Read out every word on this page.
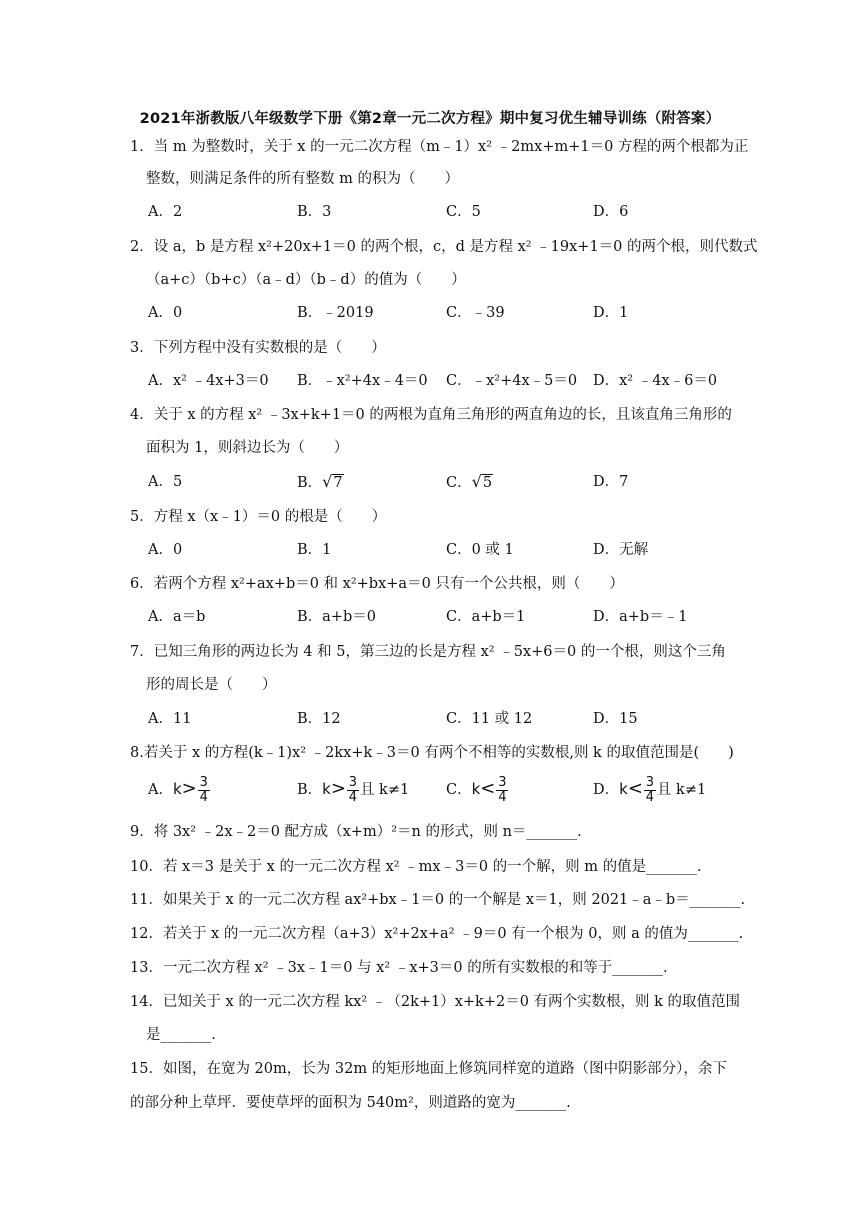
2021年浙教版八年级数学下册《第2章一元二次方程》期中复习优生辅导训练（附答案）
1．当 m 为整数时，关于 x 的一元二次方程（m﹣1）x² ﹣2mx+m+1＝0 方程的两个根都为正
整数，则满足条件的所有整数 m 的积为（　　）
A．2	B．3	C．5	D．6
2．设 a，b 是方程 x²+20x+1＝0 的两个根，c，d 是方程 x² ﹣19x+1＝0 的两个根，则代数式
（a+c）（b+c）（a﹣d）（b﹣d）的值为（　　）
A．0	B．﹣2019	C．﹣39	D．1
3．下列方程中没有实数根的是（　　）
A．x² ﹣4x+3＝0 B．﹣x²+4x﹣4＝0 C．﹣x²+4x﹣5＝0 D．x² ﹣4x﹣6＝0
4．关于 x 的方程 x² ﹣3x+k+1＝0 的两根为直角三角形的两直角边的长，且该直角三角形的
面积为 1，则斜边长为（　　）
A．5	B．√7	C．√5	D．7
5．方程 x（x﹣1）＝0 的根是（　　）
A．0	B．1	C．0 或 1	D．无解
6．若两个方程 x²+ax+b＝0 和 x²+bx+a＝0 只有一个公共根，则（　　）
A．a＝b	B．a+b＝0	C．a+b＝1	D．a+b＝﹣1
7．已知三角形的两边长为 4 和 5，第三边的长是方程 x² ﹣5x+6＝0 的一个根，则这个三角
形的周长是（　　）
A．11	B．12	C．11 或 12	D．15
8.若关于 x 的方程(k﹣1)x² ﹣2kx+k﹣3＝0 有两个不相等的实数根,则 k 的取值范围是(　　)
A．$k> \frac{3}{4}$	B．$k> \frac{3}{4}$ 且 k≠1	C．$k< \frac{3}{4}$	D．$k< \frac{3}{4}$ 且 k≠1
9．将 3x² ﹣2x﹣2＝0 配方成（x+m）²＝n 的形式，则 n＝_______.
10．若 x＝3 是关于 x 的一元二次方程 x² ﹣mx﹣3＝0 的一个解，则 m 的值是_______.
11．如果关于 x 的一元二次方程 ax²+bx﹣1＝0 的一个解是 x＝1，则 2021﹣a﹣b＝_______.
12．若关于 x 的一元二次方程（a+3）x²+2x+a² ﹣9＝0 有一个根为 0，则 a 的值为_______.
13．一元二次方程 x² ﹣3x﹣1＝0 与 x² ﹣x+3＝0 的所有实数根的和等于_______.
14．已知关于 x 的一元二次方程 kx² ﹣（2k+1）x+k+2＝0 有两个实数根，则 k 的取值范围
是_______.
15．如图，在宽为 20m，长为 32m 的矩形地面上修筑同样宽的道路（图中阴影部分），余下
的部分种上草坪．要使草坪的面积为 540m²，则道路的宽为_______.
